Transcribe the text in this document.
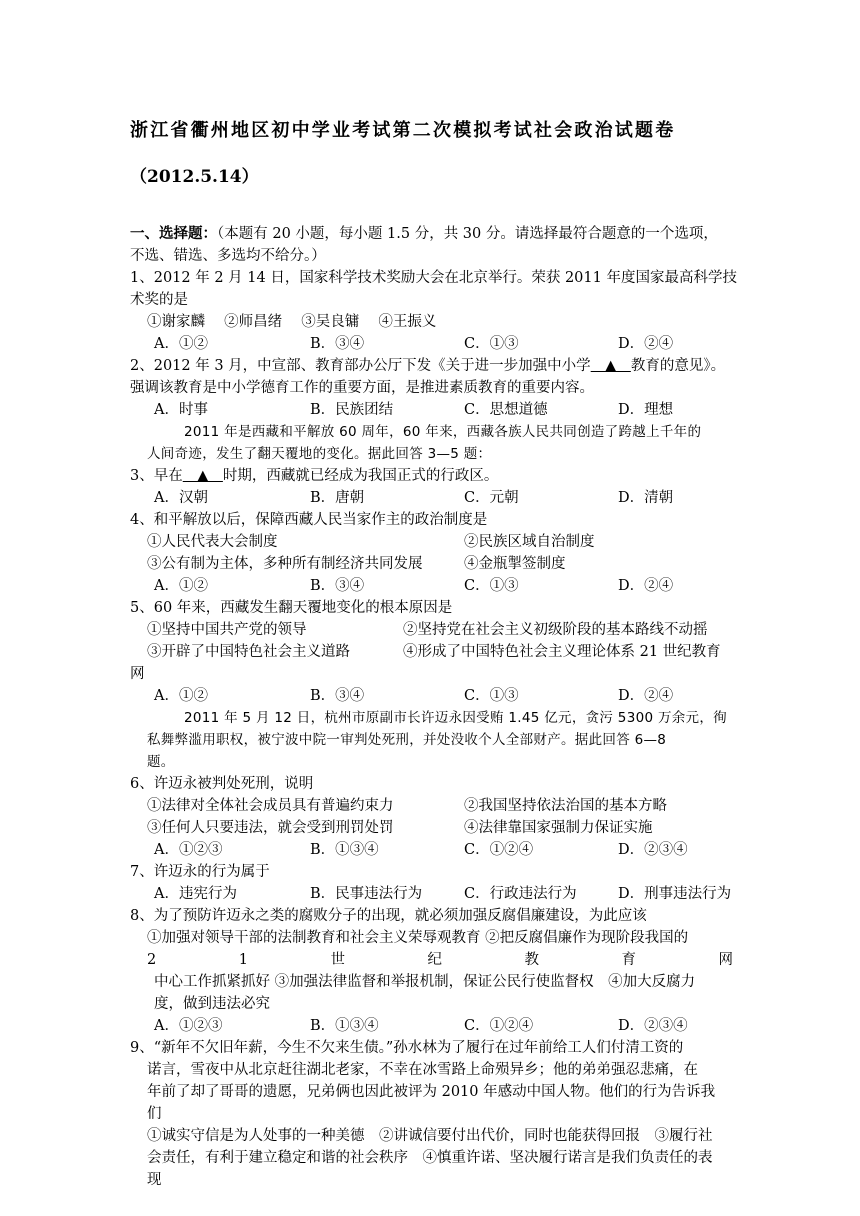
浙江省衢州地区初中学业考试第二次模拟考试社会政治试题卷
（2012.5.14）
一、选择题：（本题有 20 小题，每小题 1.5 分，共 30 分。请选择最符合题意的一个选项，
不选、错选、多选均不给分。）
1、2012 年 2 月 14 日，国家科学技术奖励大会在北京举行。荣获 2011 年度国家最高科学技
术奖的是
①谢家麟　 ②师昌绪　 ③吴良镛　 ④王振义
A．①②	B．③④	C．①③	D．②④
2、2012 年 3 月，中宣部、教育部办公厅下发《关于进一步加强中小学　▲　教育的意见》。
强调该教育是中小学德育工作的重要方面，是推进素质教育的重要内容。
A．时事	B．民族团结	C．思想道德	D．理想
2011 年是西藏和平解放 60 周年，60 年来，西藏各族人民共同创造了跨越上千年的
人间奇迹，发生了翻天覆地的变化。据此回答 3—5 题：
3、早在　▲　时期，西藏就已经成为我国正式的行政区。
A．汉朝	B．唐朝	C．元朝	D．清朝
4、和平解放以后，保障西藏人民当家作主的政治制度是
①人民代表大会制度	②民族区域自治制度
③公有制为主体，多种所有制经济共同发展	④金瓶掣签制度
A．①②	B．③④	C．①③	D．②④
5、60 年来，西藏发生翻天覆地变化的根本原因是
①坚持中国共产党的领导	②坚持党在社会主义初级阶段的基本路线不动摇
③开辟了中国特色社会主义道路	④形成了中国特色社会主义理论体系 21 世纪教育
网
A．①②	B．③④	C．①③	D．②④
2011 年 5 月 12 日，杭州市原副市长许迈永因受贿 1.45 亿元，贪污 5300 万余元，徇
私舞弊滥用职权，被宁波中院一审判处死刑，并处没收个人全部财产。据此回答 6—8
题。
6、许迈永被判处死刑，说明
①法律对全体社会成员具有普遍约束力	②我国坚持依法治国的基本方略
③任何人只要违法，就会受到刑罚处罚	④法律靠国家强制力保证实施
A．①②③	B．①③④	C．①②④	D．②③④
7、许迈永的行为属于
A．违宪行为	B．民事违法行为	C．行政违法行为	D．刑事违法行为
8、为了预防许迈永之类的腐败分子的出现，就必须加强反腐倡廉建设，为此应该
①加强对领导干部的法制教育和社会主义荣辱观教育 ②把反腐倡廉作为现阶段我国的
2	1	世	纪	教	育	网
中心工作抓紧抓好 ③加强法律监督和举报机制，保证公民行使监督权　④加大反腐力
度，做到违法必究
A．①②③	B．①③④	C．①②④	D．②③④
9、“新年不欠旧年薪，今生不欠来生债。”孙水林为了履行在过年前给工人们付清工资的
诺言，雪夜中从北京赶往湖北老家，不幸在冰雪路上命殒异乡；他的弟弟强忍悲痛，在
年前了却了哥哥的遗愿，兄弟俩也因此被评为 2010 年感动中国人物。他们的行为告诉我
们
①诚实守信是为人处事的一种美德　②讲诚信要付出代价，同时也能获得回报　③履行社
会责任，有利于建立稳定和谐的社会秩序　④慎重许诺、坚决履行诺言是我们负责任的表
现
